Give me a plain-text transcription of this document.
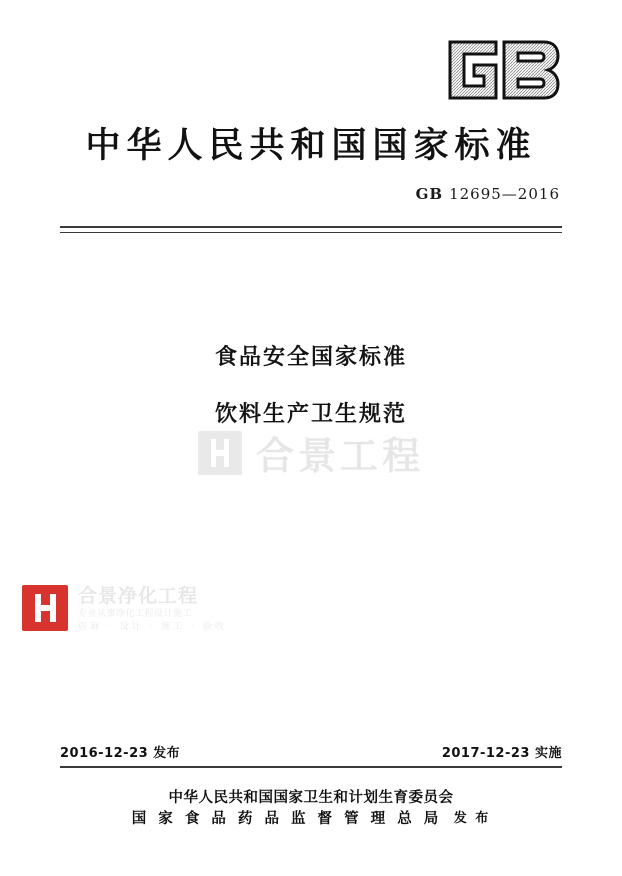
中华人民共和国国家标准
GB 12695—2016
食品安全国家标准
饮料生产卫生规范
合景工程
合景净化工程
专业从事净化工程设计施工
咨询 · 设计 · 施工 · 验收
2016-12-23 发布	2017-12-23 实施
中华人民共和国国家卫生和计划生育委员会
国 家 食 品 药 品 监 督 管 理 总 局 发 布
